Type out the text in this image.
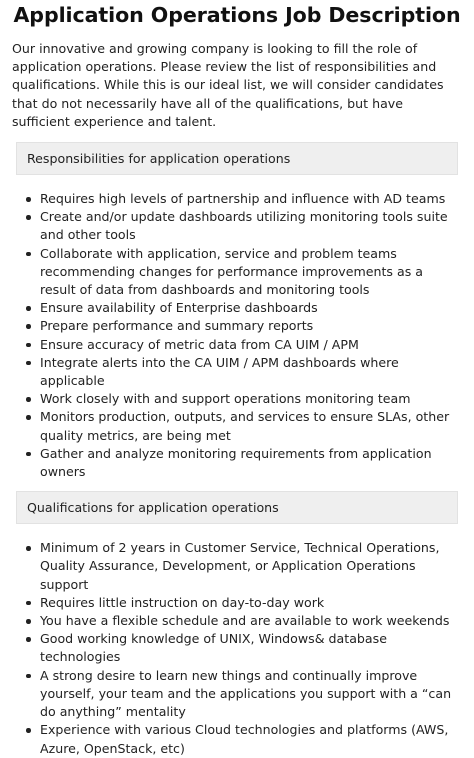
Application Operations Job Description

Our innovative and growing company is looking to fill the role of application operations. Please review the list of responsibilities and qualifications. While this is our ideal list, we will consider candidates that do not necessarily have all of the qualifications, but have sufficient experience and talent.

Responsibilities for application operations
Requires high levels of partnership and influence with AD teams
Create and/or update dashboards utilizing monitoring tools suite and other tools
Collaborate with application, service and problem teams recommending changes for performance improvements as a result of data from dashboards and monitoring tools
Ensure availability of Enterprise dashboards
Prepare performance and summary reports
Ensure accuracy of metric data from CA UIM / APM
Integrate alerts into the CA UIM / APM dashboards where applicable
Work closely with and support operations monitoring team
Monitors production, outputs, and services to ensure SLAs, other quality metrics, are being met
Gather and analyze monitoring requirements from application owners
Qualifications for application operations
Minimum of 2 years in Customer Service, Technical Operations, Quality Assurance, Development, or Application Operations support
Requires little instruction on day-to-day work
You have a flexible schedule and are available to work weekends
Good working knowledge of UNIX, Windows& database technologies
A strong desire to learn new things and continually improve yourself, your team and the applications you support with a “can do anything” mentality
Experience with various Cloud technologies and platforms (AWS, Azure, OpenStack, etc)
